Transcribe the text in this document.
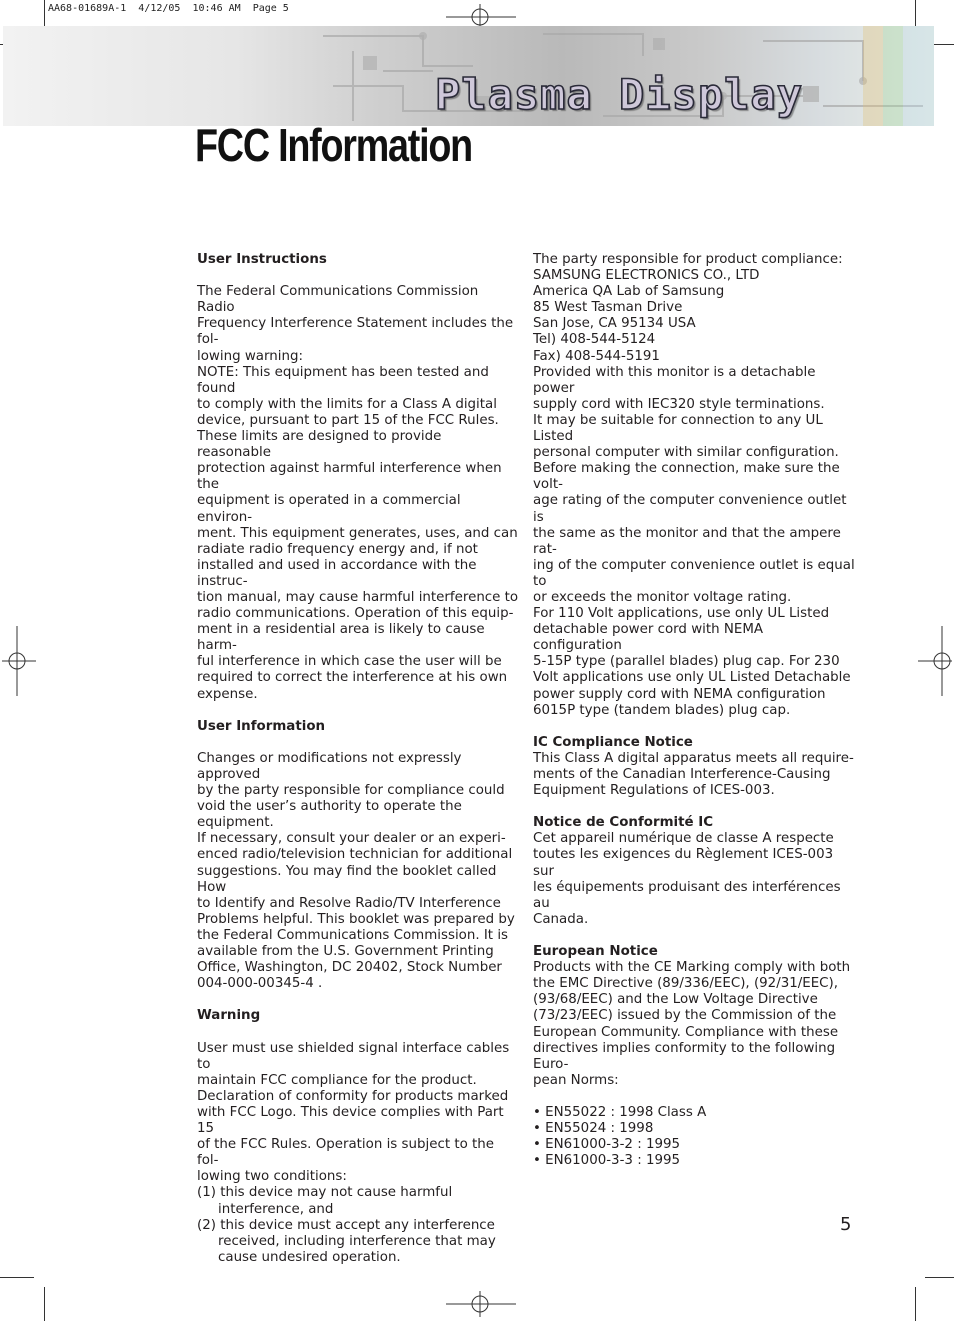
AA68-01689A-1  4/12/05  10:46 AM  Page 5
Plasma Display
FCC Information
User Instructions

The Federal Communications Commission Radio

Frequency Interference Statement includes the fol-

lowing warning:

NOTE: This equipment has been tested and found

to comply with the limits for a Class A digital

device, pursuant to part 15 of the FCC Rules.

These limits are designed to provide reasonable

protection against harmful interference when the

equipment is operated in a commercial environ-

ment. This equipment generates, uses, and can

radiate radio frequency energy and, if not

installed and used in accordance with the instruc-

tion manual, may cause harmful interference to

radio communications. Operation of this equip-

ment in a residential area is likely to cause harm-

ful interference in which case the user will be

required to correct the interference at his own

expense.

User Information

Changes or modifications not expressly approved

by the party responsible for compliance could

void the user’s authority to operate the equipment.

If necessary, consult your dealer or an experi-

enced radio/television technician for additional

suggestions. You may find the booklet called How

to Identify and Resolve Radio/TV Interference

Problems helpful. This booklet was prepared by

the Federal Communications Commission. It is

available from the U.S. Government Printing

Office, Washington, DC 20402, Stock Number

004-000-00345-4 .

Warning

User must use shielded signal interface cables to

maintain FCC compliance for the product.

Declaration of conformity for products marked

with FCC Logo. This device complies with Part 15

of the FCC Rules. Operation is subject to the fol-

lowing two conditions:

(1) this device may not cause harmful interference, and

(2) this device must accept any interference received, including interference that may cause undesired operation.

The party responsible for product compliance:

SAMSUNG ELECTRONICS CO., LTD

America QA Lab of Samsung

85 West Tasman Drive

San Jose, CA 95134 USA

Tel) 408-544-5124

Fax) 408-544-5191

Provided with this monitor is a detachable power

supply cord with IEC320 style terminations.

It may be suitable for connection to any UL Listed

personal computer with similar configuration.

Before making the connection, make sure the volt-

age rating of the computer convenience outlet is

the same as the monitor and that the ampere rat-

ing of the computer convenience outlet is equal to

or exceeds the monitor voltage rating.

For 110 Volt applications, use only UL Listed

detachable power cord with NEMA configuration

5-15P type (parallel blades) plug cap. For 230

Volt applications use only UL Listed Detachable

power supply cord with NEMA configuration

6015P type (tandem blades) plug cap.

IC Compliance Notice

This Class A digital apparatus meets all require-

ments of the Canadian Interference-Causing

Equipment Regulations of ICES-003.

Notice de Conformité IC

Cet appareil numérique de classe A respecte

toutes les exigences du Règlement ICES-003 sur

les équipements produisant des interférences au

Canada.

European Notice

Products with the CE Marking comply with both

the EMC Directive (89/336/EEC), (92/31/EEC),

(93/68/EEC) and the Low Voltage Directive

(73/23/EEC) issued by the Commission of the

European Community. Compliance with these

directives implies conformity to the following Euro-

pean Norms:

• EN55022 : 1998 Class A

• EN55024 : 1998

• EN61000-3-2 : 1995

• EN61000-3-3 : 1995

5
